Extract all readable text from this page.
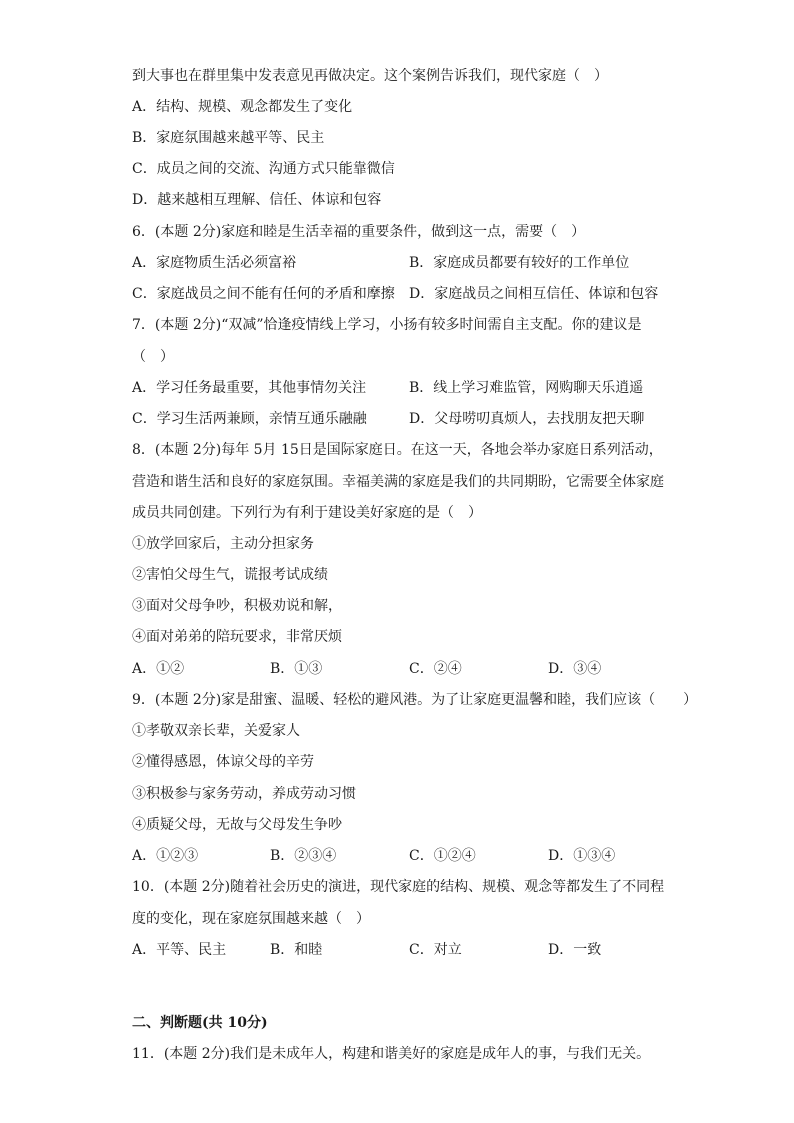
到大事也在群里集中发表意见再做决定。这个案例告诉我们，现代家庭（　）
A．结构、规模、观念都发生了变化
B．家庭氛围越来越平等、民主
C．成员之间的交流、沟通方式只能靠微信
D．越来越相互理解、信任、体谅和包容
6．(本题 2分)家庭和睦是生活幸福的重要条件，做到这一点，需要（　）
A．家庭物质生活必须富裕	B．家庭成员都要有较好的工作单位
C．家庭战员之间不能有任何的矛盾和摩擦 D．家庭战员之间相互信任、体谅和包容
7．(本题 2分)“双减”恰逢疫情线上学习，小扬有较多时间需自主支配。你的建议是
（　）
A．学习任务最重要，其他事情勿关注	B．线上学习难监管，网购聊天乐逍遥
C．学习生活两兼顾，亲情互通乐融融	D．父母唠叨真烦人，去找朋友把天聊
8．(本题 2分)每年 5月 15日是国际家庭日。在这一天，各地会举办家庭日系列活动，
营造和谐生活和良好的家庭氛围。幸福美满的家庭是我们的共同期盼，它需要全体家庭
成员共同创建。下列行为有利于建设美好家庭的是（　）
①放学回家后，主动分担家务
②害怕父母生气，谎报考试成绩
③面对父母争吵，积极劝说和解，
④面对弟弟的陪玩要求，非常厌烦
A．①②	B．①③	C．②④	D．③④
9．(本题 2分)家是甜蜜、温暖、轻松的避风港。为了让家庭更温馨和睦，我们应该（　　）
①孝敬双亲长辈，关爱家人
②懂得感恩，体谅父母的辛劳
③积极参与家务劳动，养成劳动习惯
④质疑父母，无故与父母发生争吵
A．①②③	B．②③④	C．①②④	D．①③④
10．(本题 2分)随着社会历史的演进，现代家庭的结构、规模、观念等都发生了不同程
度的变化，现在家庭氛围越来越（　）
A．平等、民主	B．和睦	C．对立	D．一致
二、判断题(共 10分)
11．(本题 2分)我们是未成年人，构建和谐美好的家庭是成年人的事，与我们无关。
